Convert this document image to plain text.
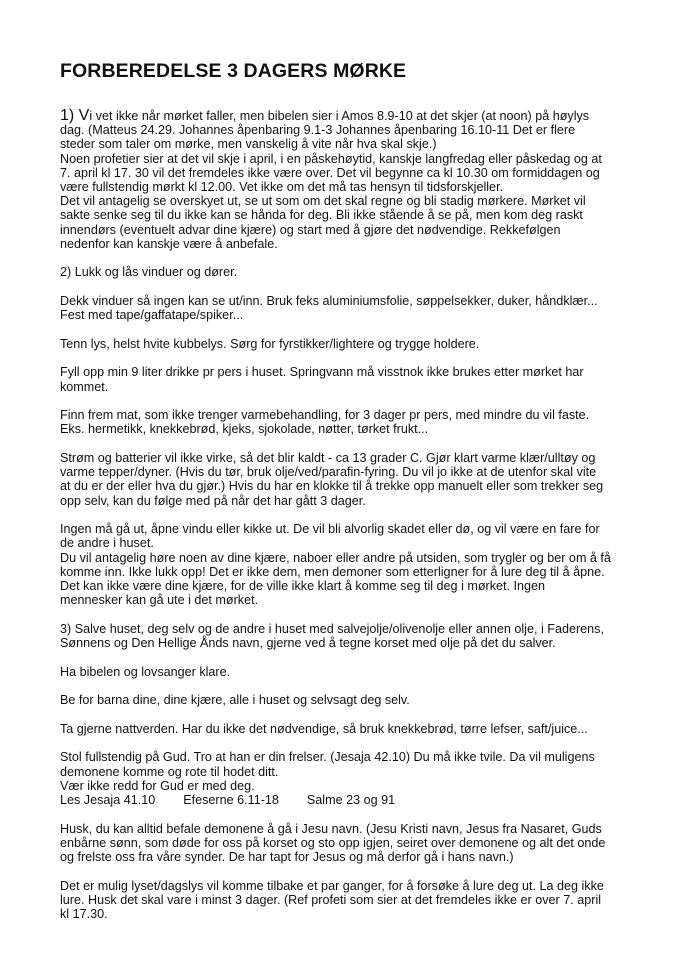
FORBEREDELSE 3 DAGERS MØRKE
1) Vi vet ikke når mørket faller, men bibelen sier i Amos 8.9-10 at det skjer (at noon) på høylys
dag. (Matteus 24.29. Johannes åpenbaring 9.1-3 Johannes åpenbaring 16.10-11 Det er flere
steder som taler om mørke, men vanskelig å vite når hva skal skje.)
Noen profetier sier at det vil skje i april, i en påskehøytid, kanskje langfredag eller påskedag og at
7. april kl 17. 30 vil det fremdeles ikke være over. Det vil begynne ca kl 10.30 om formiddagen og
være fullstendig mørkt kl 12.00. Vet ikke om det må tas hensyn til tidsforskjeller.
Det vil antagelig se overskyet ut, se ut som om det skal regne og bli stadig mørkere. Mørket vil
sakte senke seg til du ikke kan se hånda for deg. Bli ikke stående å se på, men kom deg raskt
innendørs (eventuelt advar dine kjære) og start med å gjøre det nødvendige. Rekkefølgen
nedenfor kan kanskje være å anbefale.
2) Lukk og lås vinduer og dører.
Dekk vinduer så ingen kan se ut/inn. Bruk feks aluminiumsfolie, søppelsekker, duker, håndklær...
Fest med tape/gaffatape/spiker...
Tenn lys, helst hvite kubbelys. Sørg for fyrstikker/lightere og trygge holdere.
Fyll opp min 9 liter drikke pr pers i huset. Springvann må visstnok ikke brukes etter mørket har
kommet.
Finn frem mat, som ikke trenger varmebehandling, for 3 dager pr pers, med mindre du vil faste.
Eks. hermetikk, knekkebrød, kjeks, sjokolade, nøtter, tørket frukt...
Strøm og batterier vil ikke virke, så det blir kaldt - ca 13 grader C. Gjør klart varme klær/ulltøy og
varme tepper/dyner. (Hvis du tør, bruk olje/ved/parafin-fyring. Du vil jo ikke at de utenfor skal vite
at du er der eller hva du gjør.) Hvis du har en klokke til å trekke opp manuelt eller som trekker seg
opp selv, kan du følge med på når det har gått 3 dager.
Ingen må gå ut, åpne vindu eller kikke ut. De vil bli alvorlig skadet eller dø, og vil være en fare for
de andre i huset.
Du vil antagelig høre noen av dine kjære, naboer eller andre på utsiden, som trygler og ber om å få
komme inn. Ikke lukk opp! Det er ikke dem, men demoner som etterligner for å lure deg til å åpne.
Det kan ikke være dine kjære, for de ville ikke klart å komme seg til deg i mørket. Ingen
mennesker kan gå ute i det mørket.
3) Salve huset, deg selv og de andre i huset med salvejolje/olivenolje eller annen olje, i Faderens,
Sønnens og Den Hellige Ånds navn, gjerne ved å tegne korset med olje på det du salver.
Ha bibelen og lovsanger klare.
Be for barna dine, dine kjære, alle i huset og selvsagt deg selv.
Ta gjerne nattverden. Har du ikke det nødvendige, så bruk knekkebrød, tørre lefser, saft/juice...
Stol fullstendig på Gud. Tro at han er din frelser. (Jesaja 42.10) Du må ikke tvile. Da vil muligens
demonene komme og rote til hodet ditt.
Vær ikke redd for Gud er med deg.
Les Jesaja 41.10        Efeserne 6.11-18        Salme 23 og 91
Husk, du kan alltid befale demonene å gå i Jesu navn. (Jesu Kristi navn, Jesus fra Nasaret, Guds
enbårne sønn, som døde for oss på korset og sto opp igjen, seiret over demonene og alt det onde
og frelste oss fra våre synder. De har tapt for Jesus og må derfor gå i hans navn.)
Det er mulig lyset/dagslys vil komme tilbake et par ganger, for å forsøke å lure deg ut. La deg ikke
lure. Husk det skal vare i minst 3 dager. (Ref profeti som sier at det fremdeles ikke er over 7. april
kl 17.30.
